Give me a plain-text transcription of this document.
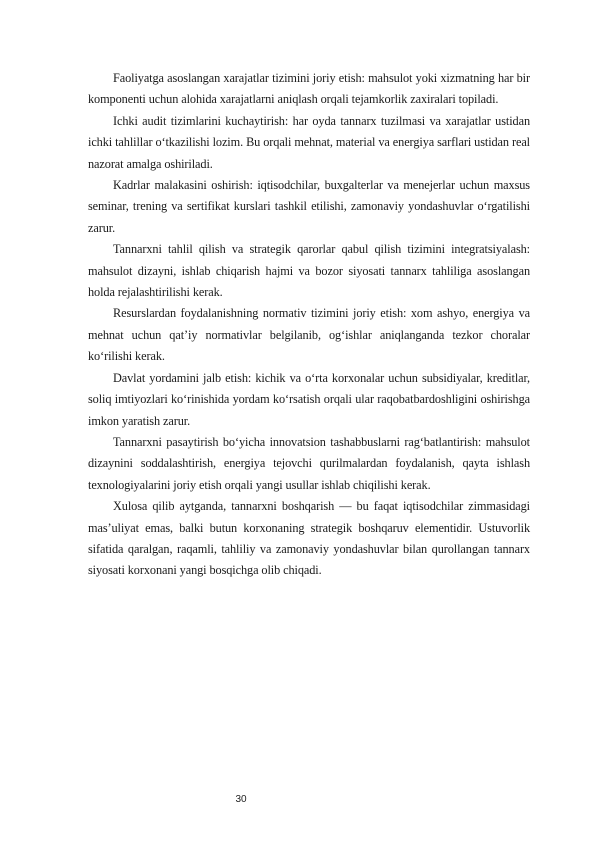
Faoliyatga asoslangan xarajatlar tizimini joriy etish: mahsulot yoki xizmatning har bir komponenti uchun alohida xarajatlarni aniqlash orqali tejamkorlik zaxiralari topiladi.

Ichki audit tizimlarini kuchaytirish: har oyda tannarx tuzilmasi va xarajatlar ustidan ichki tahlillar o‘tkazilishi lozim. Bu orqali mehnat, material va energiya sarflari ustidan real nazorat amalga oshiriladi.

Kadrlar malakasini oshirish: iqtisodchilar, buxgalterlar va menejerlar uchun maxsus seminar, trening va sertifikat kurslari tashkil etilishi, zamonaviy yondashuvlar o‘rgatilishi zarur.

Tannarxni tahlil qilish va strategik qarorlar qabul qilish tizimini integratsiyalash: mahsulot dizayni, ishlab chiqarish hajmi va bozor siyosati tannarx tahliliga asoslangan holda rejalashtirilishi kerak.

Resurslardan foydalanishning normativ tizimini joriy etish: xom ashyo, energiya va mehnat uchun qat’iy normativlar belgilanib, og‘ishlar aniqlanganda tezkor choralar ko‘rilishi kerak.

Davlat yordamini jalb etish: kichik va o‘rta korxonalar uchun subsidiyalar, kreditlar, soliq imtiyozlari ko‘rinishida yordam ko‘rsatish orqali ular raqobatbardoshligini oshirishga imkon yaratish zarur.

Tannarxni pasaytirish bo‘yicha innovatsion tashabbuslarni rag‘batlantirish: mahsulot dizaynini soddalashtirish, energiya tejovchi qurilmalardan foydalanish, qayta ishlash texnologiyalarini joriy etish orqali yangi usullar ishlab chiqilishi kerak.

Xulosa qilib aytganda, tannarxni boshqarish — bu faqat iqtisodchilar zimmasidagi mas’uliyat emas, balki butun korxonaning strategik boshqaruv elementidir. Ustuvorlik sifatida qaralgan, raqamli, tahliliy va zamonaviy yondashuvlar bilan qurollangan tannarx siyosati korxonani yangi bosqichga olib chiqadi.

30
